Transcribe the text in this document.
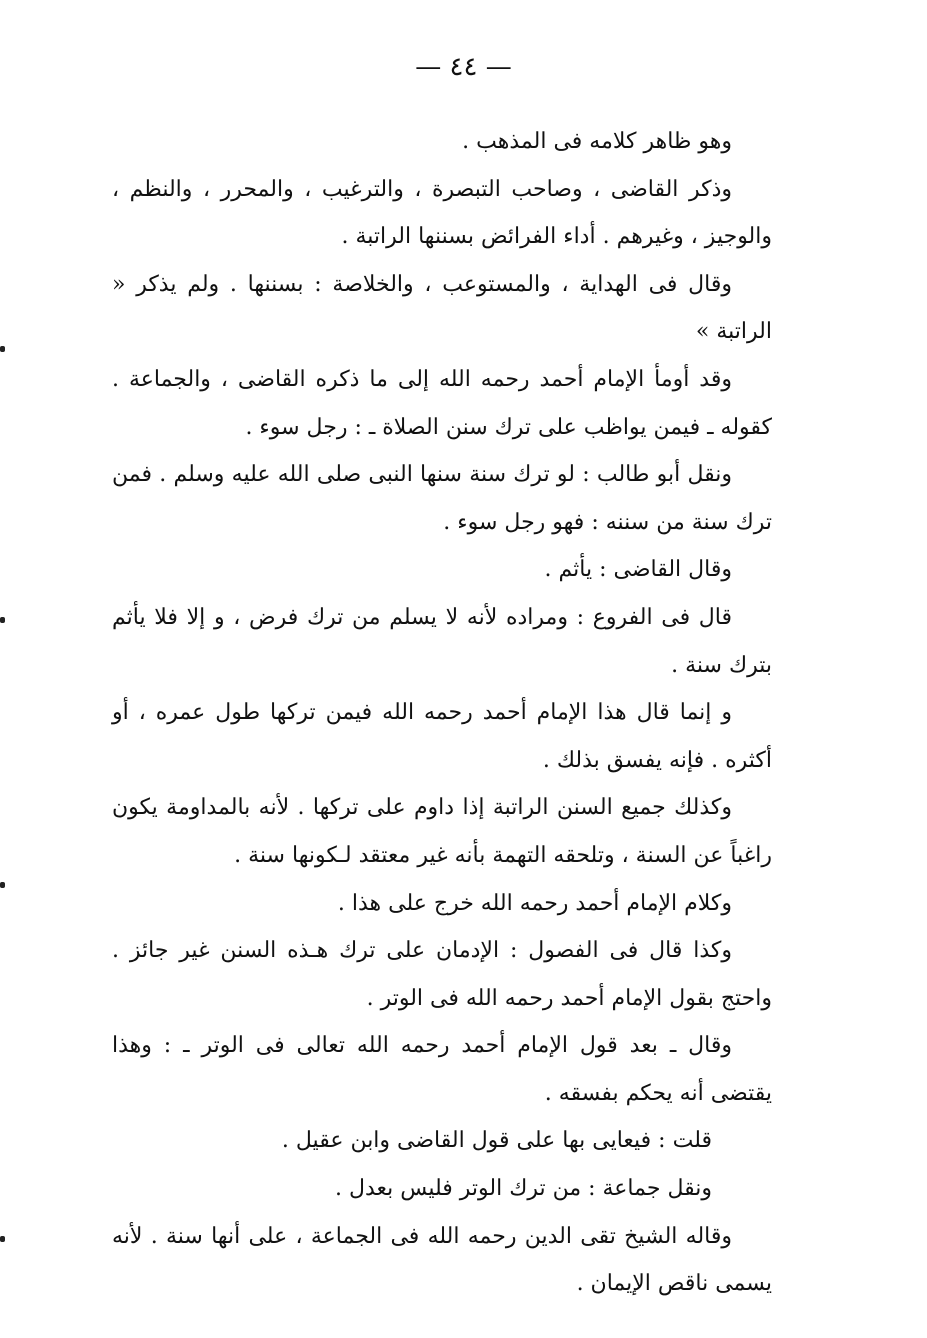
— ٤٤ —

وهو ظاهر كلامه فى المذهب .

وذكر القاضى ، وصاحب التبصرة ، والترغيب ، والمحرر ، والنظم ، والوجيز ، وغيرهم . أداء الفرائض بسننها الراتبة .

وقال فى الهداية ، والمستوعب ، والخلاصة : بسننها . ولم يذكر « الراتبة »

وقد أومأ الإمام أحمد رحمه الله إلى ما ذكره القاضى ، والجماعة . كقوله ـ فيمن يواظب على ترك سنن الصلاة ـ : رجل سوء .

ونقل أبو طالب : لو ترك سنة سنها النبى صلى الله عليه وسلم . فمن ترك سنة من سننه : فهو رجل سوء .

وقال القاضى : يأثم .

قال فى الفروع : ومراده لأنه لا يسلم من ترك فرض ، و إلا فلا يأثم بترك سنة .

و إنما قال هذا الإمام أحمد رحمه الله فيمن تركها طول عمره ، أو أكثره . فإنه يفسق بذلك .

وكذلك جميع السنن الراتبة إذا داوم على تركها . لأنه بالمداومة يكون راغباً عن السنة ، وتلحقه التهمة بأنه غير معتقد لـكونها سنة .

وكلام الإمام أحمد رحمه الله خرج على هذا .

وكذا قال فى الفصول : الإدمان على ترك هـذه السنن غير جائز . واحتج بقول الإمام أحمد رحمه الله فى الوتر .

وقال ـ بعد قول الإمام أحمد رحمه الله تعالى فى الوتر ـ : وهذا يقتضى أنه يحكم بفسقه .

قلت : فيعايى بها على قول القاضى وابن عقيل .

ونقل جماعة : من ترك الوتر فليس بعدل .

وقاله الشيخ تقى الدين رحمه الله فى الجماعة ، على أنها سنة . لأنه يسمى ناقص الإيمان .
